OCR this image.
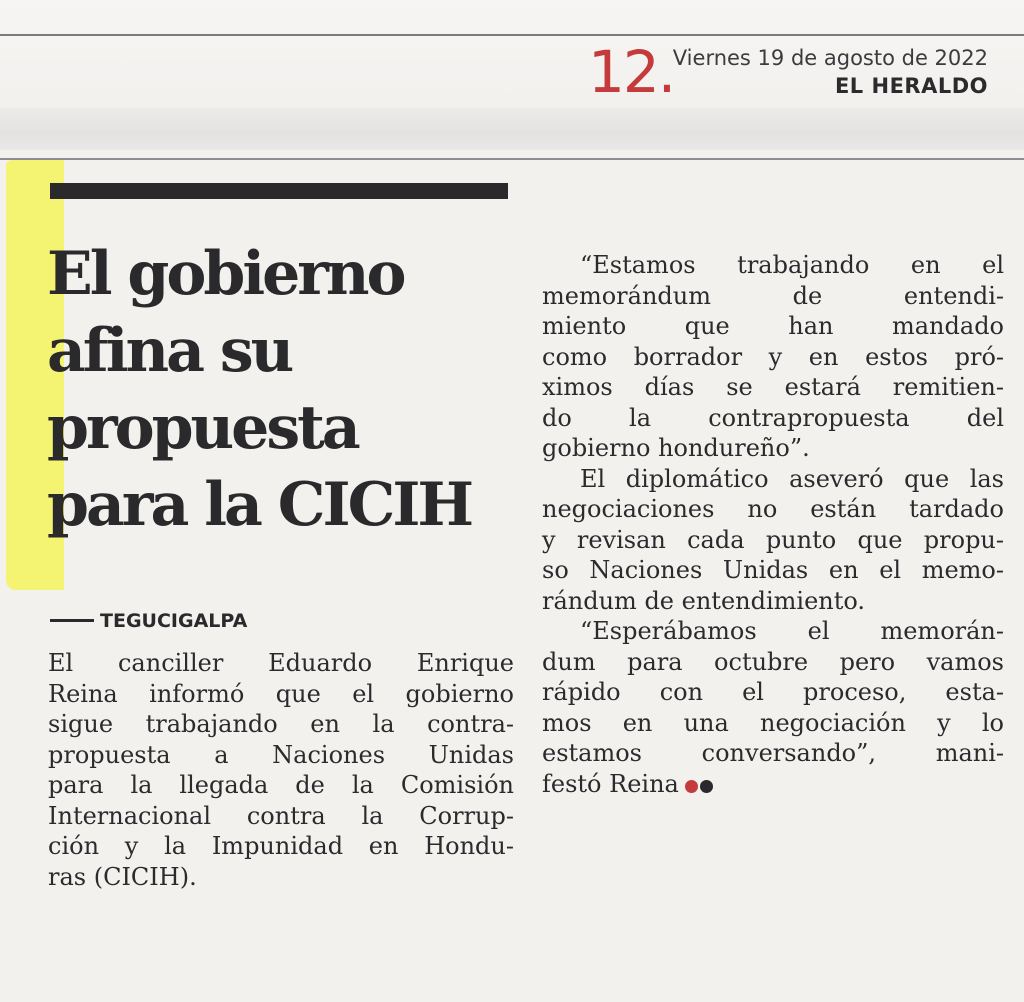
12.
Viernes 19 de agosto de 2022
EL HERALDO
El gobierno
afina su
propuesta
para la CICIH
TEGUCIGALPA
El canciller Eduardo Enrique
Reina informó que el gobierno
sigue trabajando en la contra-
propuesta a Naciones Unidas
para la llegada de la Comisión
Internacional contra la Corrup-
ción y la Impunidad en Hondu-
ras (CICIH).
“Estamos trabajando en el
memorándum de entendi-
miento que han mandado
como borrador y en estos pró-
ximos días se estará remitien-
do la contrapropuesta del
gobierno hondureño”.
El diplomático aseveró que las
negociaciones no están tardado
y revisan cada punto que propu-
so Naciones Unidas en el memo-
rándum de entendimiento.
“Esperábamos el memorán-
dum para octubre pero vamos
rápido con el proceso, esta-
mos en una negociación y lo
estamos conversando”, mani-
festó Reina
